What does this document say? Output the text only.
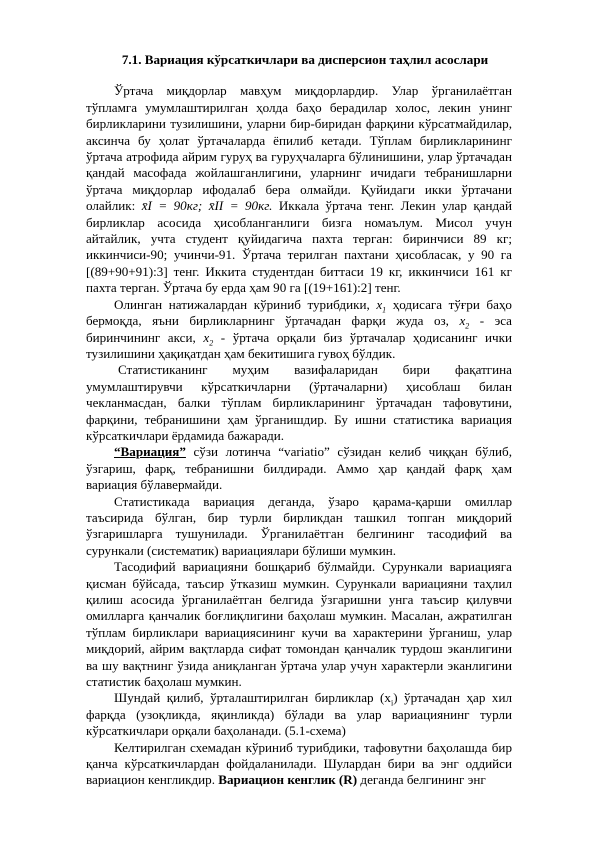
7.1. Вариация кўрсаткичлари ва дисперсион таҳлил асослари

Ўртача миқдорлар мавҳум миқдорлардир. Улар ўрганилаётган тўпламга умумлаштирилган ҳолда баҳо берадилар холос, лекин унинг бирликларини тузилишини, уларни бир-биридан фарқини кўрсатмайдилар, аксинча бу ҳолат ўртачаларда ёпилиб кетади. Тўплам бирликларининг ўртача атрофида айрим гуруҳ ва гуруҳчаларга бўлинишини, улар ўртачадан қандай масофада жойлашганлигини, уларнинг ичидаги тебранишларни ўртача миқдорлар ифодалаб бера олмайди. Қуйидаги икки ўртачани олайлик: x̄I = 90кг; x̄II = 90кг. Иккала ўртача тенг. Лекин улар қандай бирликлар асосида ҳисобланганлиги бизга номаълум. Мисол учун айтайлик, учта студент қуйидагича пахта терган: биринчиси 89 кг; иккинчиси-90; учинчи-91. Ўртача терилган пахтани ҳисобласак, у 90 га [(89+90+91):3] тенг. Иккита студентдан биттаси 19 кг, иккинчиси 161 кг пахта терган. Ўртача бу ерда ҳам 90 га [(19+161):2] тенг.

Олинган натижалардан кўриниб турибдики, $x_1$ ҳодисага тўғри баҳо бермоқда, яъни бирликларнинг ўртачадан фарқи жуда оз, $x_2$ - эса биринчининг акси, $x_2$ - ўртача орқали биз ўртачалар ҳодисанинг ички тузилишини ҳақиқатдан ҳам бекитишига гувоҳ бўлдик.

Статистиканинг муҳим вазифаларидан бири фақатгина умумлаштирувчи кўрсаткичларни (ўртачаларни) ҳисоблаш билан чекланмасдан, балки тўплам бирликларининг ўртачадан тафовутини, фарқини, тебранишини ҳам ўрганишдир. Бу ишни статистика вариация кўрсаткичлари ёрдамида бажаради.

“Вариация” сўзи лотинча “variatio” сўзидан келиб чиққан бўлиб, ўзгариш, фарқ, тебранишни билдиради. Аммо ҳар қандай фарқ ҳам вариация бўлавермайди.

Статистикада вариация деганда, ўзаро қарама-қарши омиллар таъсирида бўлган, бир турли бирликдан ташкил топган миқдорий ўзгаришларга тушунилади. Ўрганилаётган белгининг тасодифий ва сурункали (систематик) вариациялари бўлиши мумкин.

Тасодифий вариацияни бошқариб бўлмайди. Сурункали вариацияга қисман бўйсада, таъсир ўтказиш мумкин. Сурункали вариацияни таҳлил қилиш асосида ўрганилаётган белгида ўзгаришни унга таъсир қилувчи омилларга қанчалик боғлиқлигини баҳолаш мумкин. Масалан, ажратилган тўплам бирликлари вариациясининг кучи ва характерини ўрганиш, улар миқдорий, айрим вақтларда сифат томондан қанчалик турдош эканлигини ва шу вақтнинг ўзида аниқланган ўртача улар учун характерли эканлигини статистик баҳолаш мумкин.

Шундай қилиб, ўрталаштирилган бирликлар $(x_i)$ ўртачадан ҳар хил фарқда (узоқликда, яқинликда) бўлади ва улар вариациянинг турли кўрсаткичлари орқали баҳоланади. (5.1-схема)

Келтирилган схемадан кўриниб турибдики, тафовутни баҳолашда бир қанча кўрсаткичлардан фойдаланилади. Шулардан бири ва энг оддийси вариацион кенгликдир. Вариацион кенглик (R) деганда белгининг энг
